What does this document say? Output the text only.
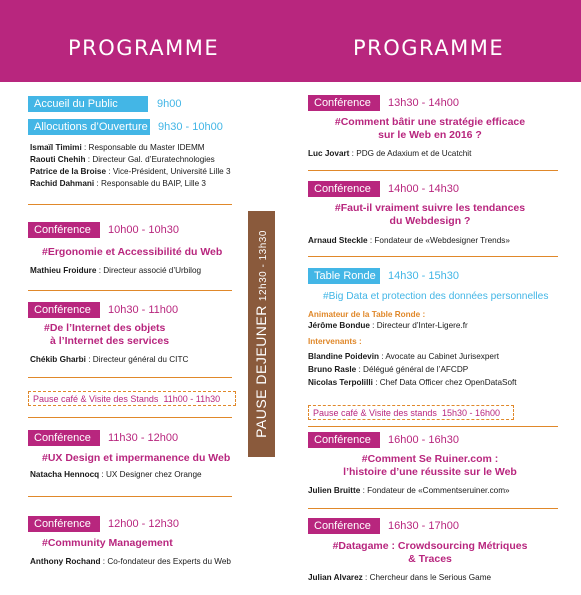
PROGRAMME	PROGRAMME
Accueil du Public	9h00
Allocutions d’Ouverture 9h30 - 10h00
Ismaïl Timimi : Responsable du Master IDEMM
Raouti Chehih : Directeur Gal. d’Euratechnologies
Patrice de la Broise : Vice-Président, Université Lille 3
Rachid Dahmani : Responsable du BAIP, Lille 3
Conférence	10h00 - 10h30
#Ergonomie et Accessibilité du Web
Mathieu Froidure : Directeur associé d’Urbilog
Conférence	10h30 - 11h00
#De l’Internet des objets
à l’Internet des services
Chékib Gharbi : Directeur général du CITC
Pause café & Visite des Stands 11h00 - 11h30
Conférence	11h30 - 12h00
#UX Design et impermanence du Web
Natacha Hennocq : UX Designer chez Orange
Conférence	12h00 - 12h30
#Community Management
Anthony Rochand : Co-fondateur des Experts du Web
PAUSE DEJEUNER12h30 - 13h30
Conférence	13h30 - 14h00
#Comment bâtir une stratégie efficace
sur le Web en 2016 ?
Luc Jovart : PDG de Adaxium et de Ucatchit
Conférence	14h00 - 14h30
#Faut-il vraiment suivre les tendances
du Webdesign ?
Arnaud Steckle : Fondateur de «Webdesigner Trends»
Table Ronde	14h30 - 15h30
#Big Data et protection des données personnelles
Animateur de la Table Ronde :
Jérôme Bondue : Directeur d’Inter-Ligere.fr
Intervenants :
Blandine Poidevin : Avocate au Cabinet Jurisexpert
Bruno Rasle : Délégué général de l’AFCDP
Nicolas Terpolilli : Chef Data Officer chez OpenDataSoft
Pause café & Visite des stands 15h30 - 16h00
Conférence	16h00 - 16h30
#Comment Se Ruiner.com :
l’histoire d’une réussite sur le Web
Julien Bruitte : Fondateur de «Commentseruiner.com»
Conférence	16h30 - 17h00
#Datagame : Crowdsourcing Métriques
& Traces
Julian Alvarez : Chercheur dans le Serious Game
